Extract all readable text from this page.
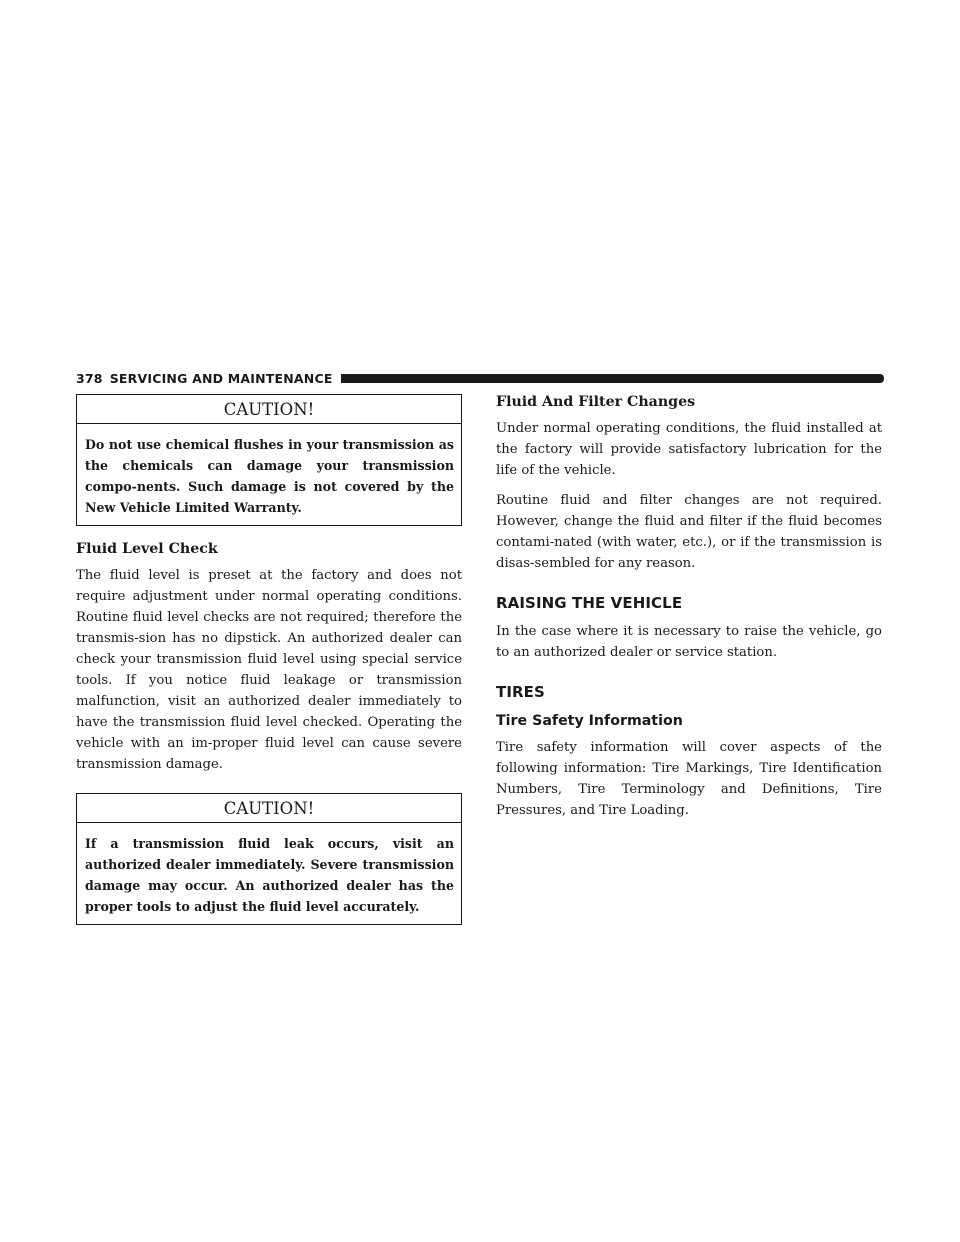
378 SERVICING AND MAINTENANCE
CAUTION!
Do not use chemical flushes in your transmission as the chemicals can damage your transmission compo-nents. Such damage is not covered by the New Vehicle Limited Warranty.
Fluid Level Check

The fluid level is preset at the factory and does not require adjustment under normal operating conditions. Routine fluid level checks are not required; therefore the transmis-sion has no dipstick. An authorized dealer can check your transmission fluid level using special service tools. If you notice fluid leakage or transmission malfunction, visit an authorized dealer immediately to have the transmission fluid level checked. Operating the vehicle with an im-proper fluid level can cause severe transmission damage.

CAUTION!
If a transmission fluid leak occurs, visit an authorized dealer immediately. Severe transmission damage may occur. An authorized dealer has the proper tools to adjust the fluid level accurately.
Fluid And Filter Changes

Under normal operating conditions, the fluid installed at the factory will provide satisfactory lubrication for the life of the vehicle.

Routine fluid and filter changes are not required. However, change the fluid and filter if the fluid becomes contami-nated (with water, etc.), or if the transmission is disas-sembled for any reason.

RAISING THE VEHICLE

In the case where it is necessary to raise the vehicle, go to an authorized dealer or service station.

TIRES
Tire Safety Information

Tire safety information will cover aspects of the following information: Tire Markings, Tire Identification Numbers, Tire Terminology and Definitions, Tire Pressures, and Tire Loading.
